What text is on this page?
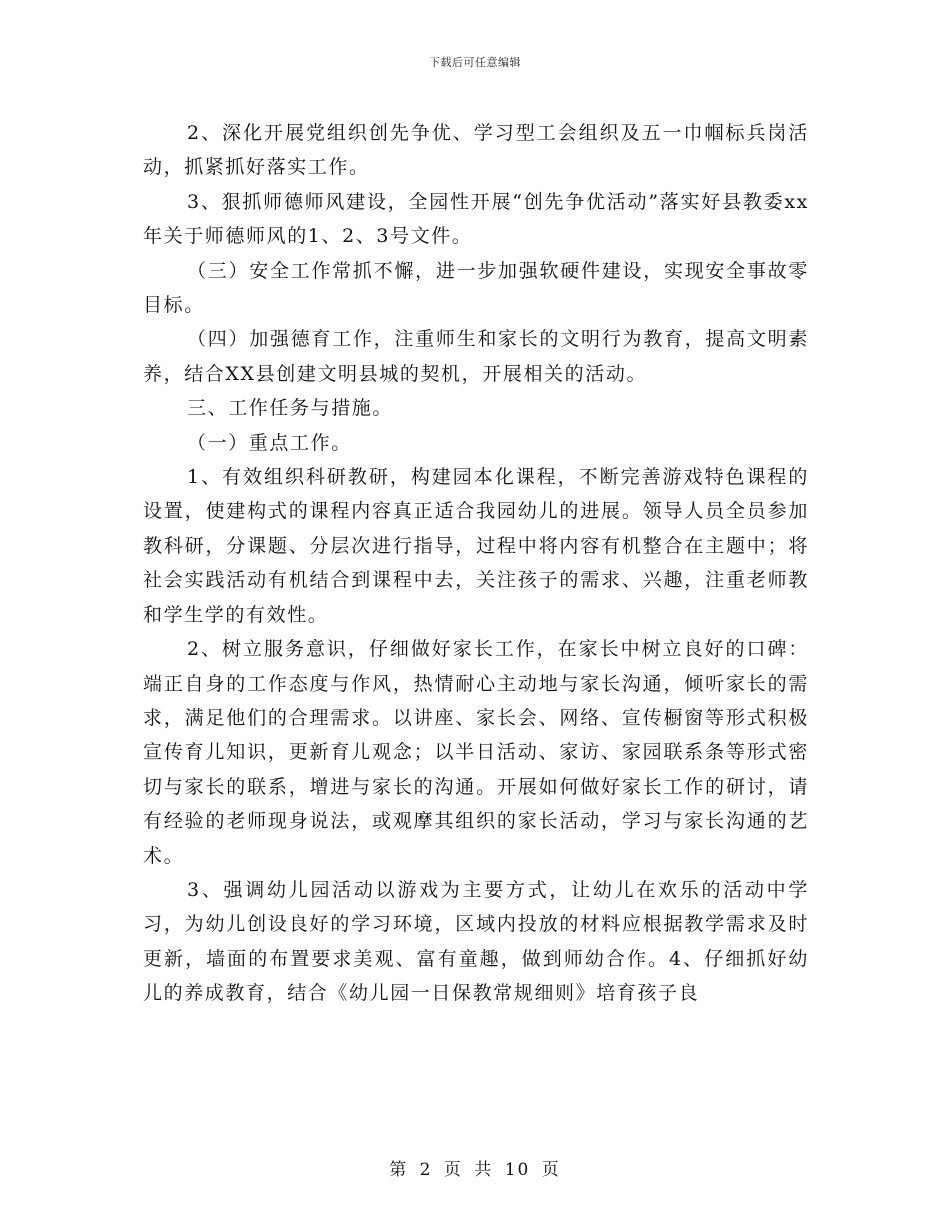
下载后可任意编辑

2、深化开展党组织创先争优、学习型工会组织及五一巾帼标兵岗活动，抓紧抓好落实工作。

3、狠抓师德师风建设，全园性开展“创先争优活动”落实好县教委xx年关于师德师风的1、2、3号文件。

（三）安全工作常抓不懈，进一步加强软硬件建设，实现安全事故零目标。

（四）加强德育工作，注重师生和家长的文明行为教育，提高文明素养，结合XX县创建文明县城的契机，开展相关的活动。

三、工作任务与措施。

（一）重点工作。

1、有效组织科研教研，构建园本化课程，不断完善游戏特色课程的设置，使建构式的课程内容真正适合我园幼儿的进展。领导人员全员参加教科研，分课题、分层次进行指导，过程中将内容有机整合在主题中；将社会实践活动有机结合到课程中去，关注孩子的需求、兴趣，注重老师教和学生学的有效性。

2、树立服务意识，仔细做好家长工作，在家长中树立良好的口碑：端正自身的工作态度与作风，热情耐心主动地与家长沟通，倾听家长的需求，满足他们的合理需求。以讲座、家长会、网络、宣传橱窗等形式积极宣传育儿知识，更新育儿观念；以半日活动、家访、家园联系条等形式密切与家长的联系，增进与家长的沟通。开展如何做好家长工作的研讨，请有经验的老师现身说法，或观摩其组织的家长活动，学习与家长沟通的艺术。

3、强调幼儿园活动以游戏为主要方式，让幼儿在欢乐的活动中学习，为幼儿创设良好的学习环境，区域内投放的材料应根据教学需求及时更新，墙面的布置要求美观、富有童趣，做到师幼合作。4、仔细抓好幼儿的养成教育，结合《幼儿园一日保教常规细则》培育孩子良

第 2 页 共 10 页
